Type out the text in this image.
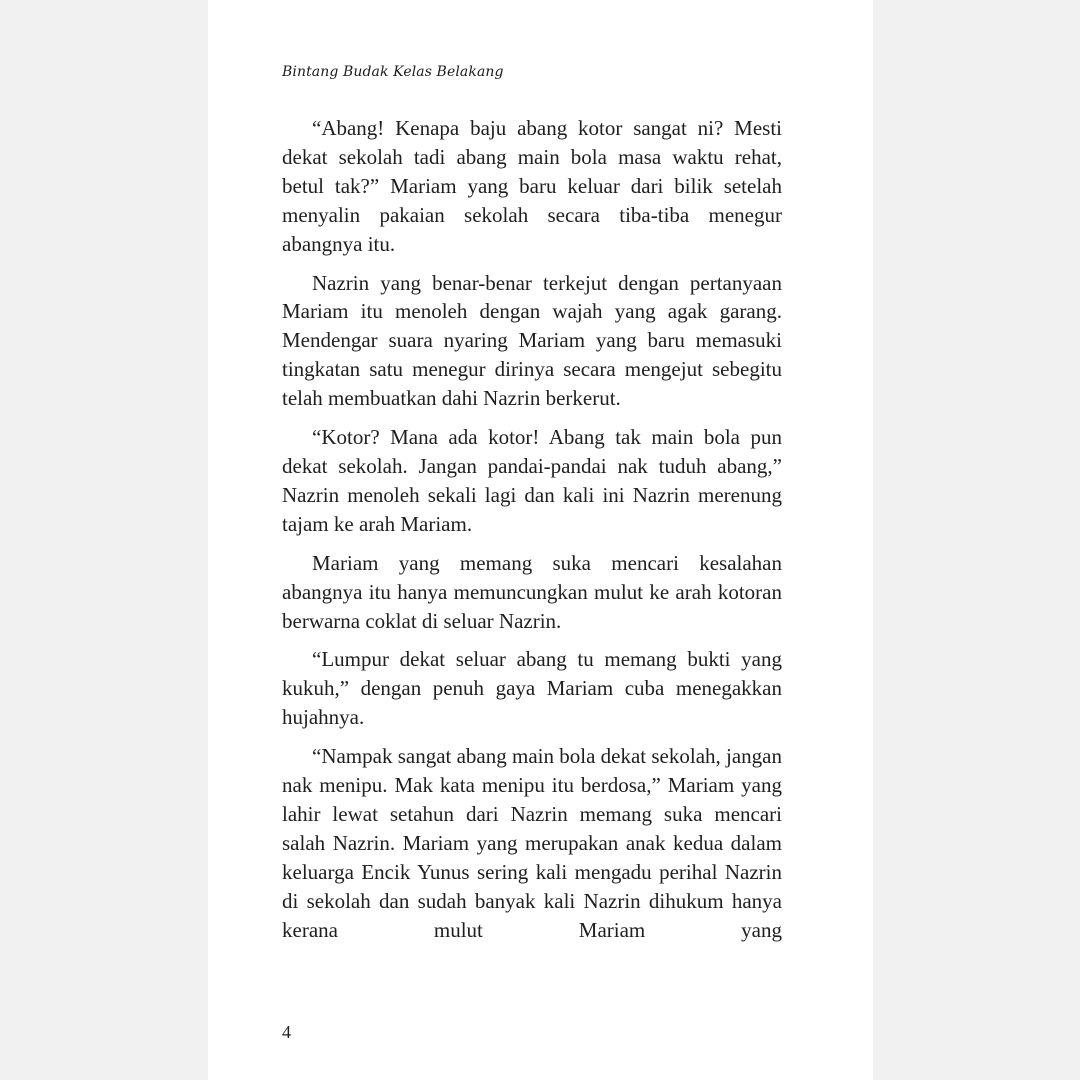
Bintang Budak Kelas Belakang

“Abang! Kenapa baju abang kotor sangat ni? Mesti dekat sekolah tadi abang main bola masa waktu rehat, betul tak?” Mariam yang baru keluar dari bilik setelah menyalin pakaian sekolah secara tiba-tiba menegur abangnya itu.

Nazrin yang benar-benar terkejut dengan pertanyaan Mariam itu menoleh dengan wajah yang agak garang. Mendengar suara nyaring Mariam yang baru memasuki tingkatan satu menegur dirinya secara mengejut sebegitu telah membuatkan dahi Nazrin berkerut.

“Kotor? Mana ada kotor! Abang tak main bola pun dekat sekolah. Jangan pandai-pandai nak tuduh abang,” Nazrin menoleh sekali lagi dan kali ini Nazrin merenung tajam ke arah Mariam.

Mariam yang memang suka mencari kesalahan abangnya itu hanya memuncungkan mulut ke arah kotoran berwarna coklat di seluar Nazrin.

“Lumpur dekat seluar abang tu memang bukti yang kukuh,” dengan penuh gaya Mariam cuba menegakkan hujahnya.

“Nampak sangat abang main bola dekat sekolah, jangan nak menipu. Mak kata menipu itu berdosa,” Mariam yang lahir lewat setahun dari Nazrin memang suka mencari salah Nazrin. Mariam yang merupakan anak kedua dalam keluarga Encik Yunus sering kali mengadu perihal Nazrin di sekolah dan sudah banyak kali Nazrin dihukum hanya kerana mulut Mariam yang

4
